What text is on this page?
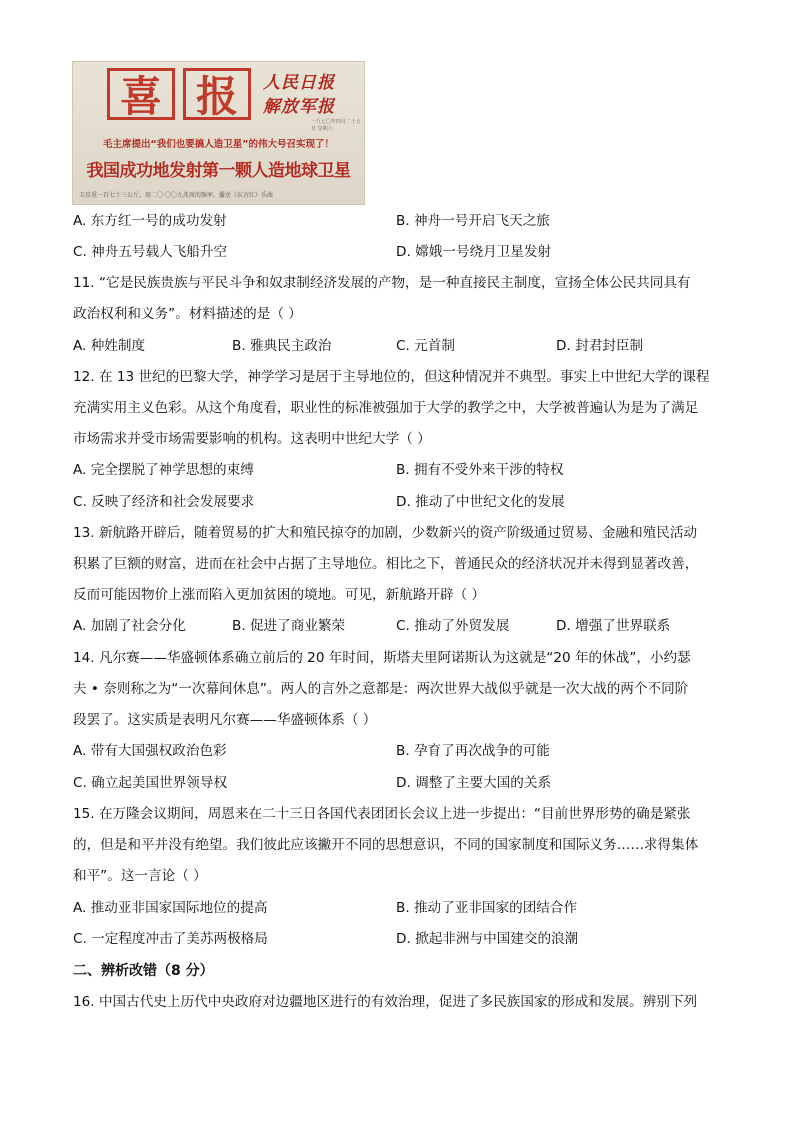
喜 报	人民日报
解放军报
一九七〇年四月二十五日 星期六
毛主席提出“我们也要搞人造卫星”的伟大号召实现了！
我国成功地发射第一颗人造地球卫星
卫星重一百七十三公斤，用二〇·〇〇九兆周的频率，播送《东方红》乐曲
A. 东方红一号的成功发射	B. 神舟一号开启飞天之旅
C. 神舟五号载人飞船升空	D. 嫦娥一号绕月卫星发射
11. “它是民族贵族与平民斗争和奴隶制经济发展的产物，是一种直接民主制度，宣扬全体公民共同具有
政治权利和义务”。材料描述的是（ ）
A. 种姓制度	B. 雅典民主政治	C. 元首制	D. 封君封臣制
12. 在 13 世纪的巴黎大学，神学学习是居于主导地位的，但这种情况并不典型。事实上中世纪大学的课程
充满实用主义色彩。从这个角度看，职业性的标准被强加于大学的教学之中，大学被普遍认为是为了满足
市场需求并受市场需要影响的机构。这表明中世纪大学（ ）
A. 完全摆脱了神学思想的束缚	B. 拥有不受外来干涉的特权
C. 反映了经济和社会发展要求	D. 推动了中世纪文化的发展
13. 新航路开辟后，随着贸易的扩大和殖民掠夺的加剧，少数新兴的资产阶级通过贸易、金融和殖民活动
积累了巨额的财富，进而在社会中占据了主导地位。相比之下，普通民众的经济状况并未得到显著改善，
反而可能因物价上涨而陷入更加贫困的境地。可见，新航路开辟（ ）
A. 加剧了社会分化	B. 促进了商业繁荣	C. 推动了外贸发展	D. 增强了世界联系
14. 凡尔赛——华盛顿体系确立前后的 20 年时间，斯塔夫里阿诺斯认为这就是“20 年的休战”，小约瑟
夫 • 奈则称之为“一次幕间休息”。两人的言外之意都是：两次世界大战似乎就是一次大战的两个不同阶
段罢了。这实质是表明凡尔赛——华盛顿体系（ ）
A. 带有大国强权政治色彩	B. 孕育了再次战争的可能
C. 确立起美国世界领导权	D. 调整了主要大国的关系
15. 在万隆会议期间，周恩来在二十三日各国代表团团长会议上进一步提出：“目前世界形势的确是紧张
的，但是和平并没有绝望。我们彼此应该撇开不同的思想意识，不同的国家制度和国际义务……求得集体
和平”。这一言论（ ）
A. 推动亚非国家国际地位的提高	B. 推动了亚非国家的团结合作
C. 一定程度冲击了美苏两极格局	D. 掀起非洲与中国建交的浪潮
二、辨析改错（8 分）
16. 中国古代史上历代中央政府对边疆地区进行的有效治理，促进了多民族国家的形成和发展。辨别下列
